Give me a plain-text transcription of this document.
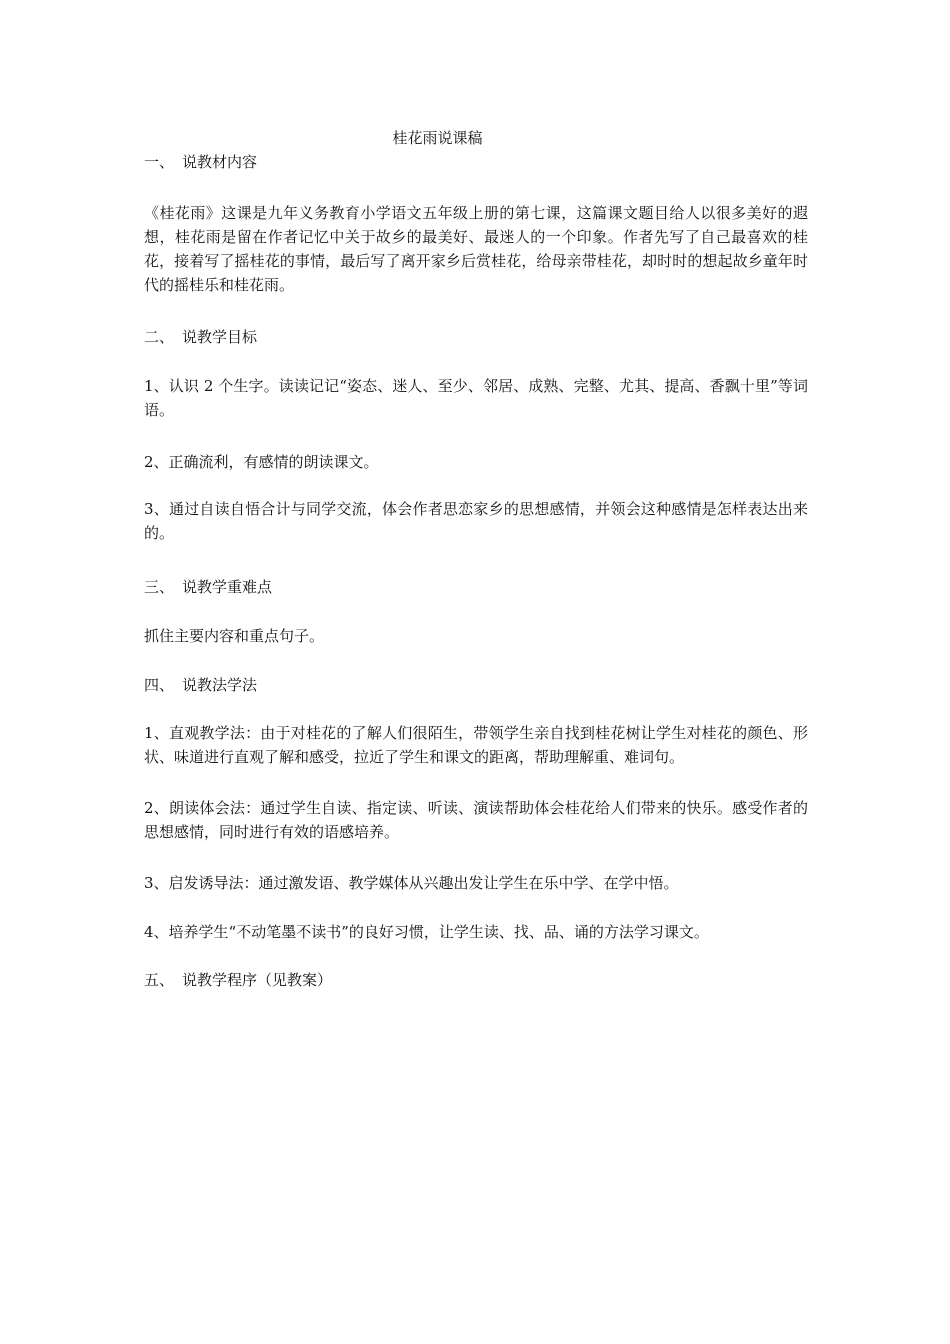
桂花雨说课稿
一、 说教材内容
《桂花雨》这课是九年义务教育小学语文五年级上册的第七课，这篇课文题目给人以很多美好的遐想，桂花雨是留在作者记忆中关于故乡的最美好、最迷人的一个印象。作者先写了自己最喜欢的桂花，接着写了摇桂花的事情，最后写了离开家乡后赏桂花，给母亲带桂花，却时时的想起故乡童年时代的摇桂乐和桂花雨。
二、 说教学目标
1、认识 2 个生字。读读记记“姿态、迷人、至少、邻居、成熟、完整、尤其、提高、香飘十里”等词语。
2、正确流利，有感情的朗读课文。
3、通过自读自悟合计与同学交流，体会作者思恋家乡的思想感情，并领会这种感情是怎样表达出来的。
三、 说教学重难点
抓住主要内容和重点句子。
四、 说教法学法
1、直观教学法：由于对桂花的了解人们很陌生，带领学生亲自找到桂花树让学生对桂花的颜色、形状、味道进行直观了解和感受，拉近了学生和课文的距离，帮助理解重、难词句。
2、朗读体会法：通过学生自读、指定读、听读、演读帮助体会桂花给人们带来的快乐。感受作者的思想感情，同时进行有效的语感培养。
3、启发诱导法：通过激发语、教学媒体从兴趣出发让学生在乐中学、在学中悟。
4、培养学生“不动笔墨不读书”的良好习惯，让学生读、找、品、诵的方法学习课文。
五、 说教学程序（见教案）
